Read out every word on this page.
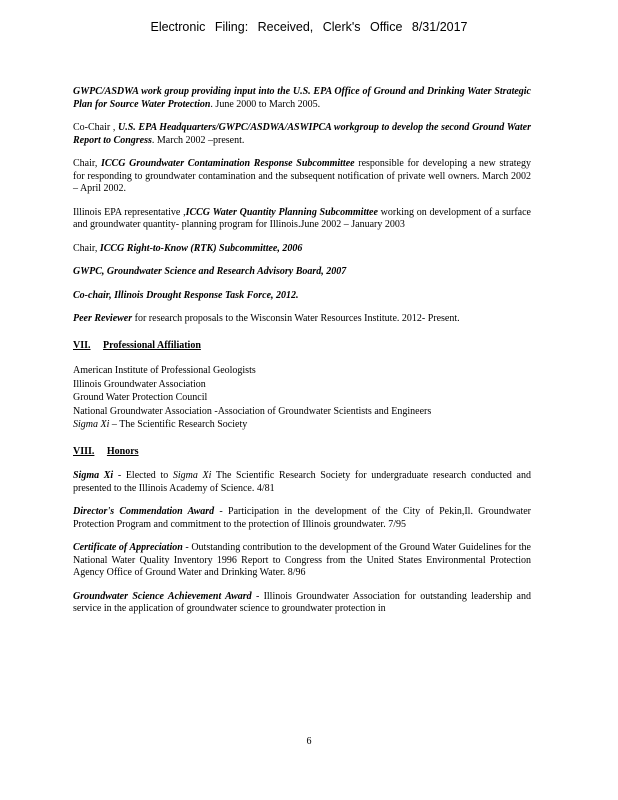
Electronic Filing: Received, Clerk's Office 8/31/2017

GWPC/ASDWA work group providing input into the U.S. EPA Office of Ground and Drinking Water Strategic Plan for Source Water Protection. June 2000 to March 2005.

Co-Chair , U.S. EPA Headquarters/GWPC/ASDWA/ASWIPCA workgroup to develop the second Ground Water Report to Congress. March 2002 –present.

Chair, ICCG Groundwater Contamination Response Subcommittee responsible for developing a new strategy for responding to groundwater contamination and the subsequent notification of private well owners. March 2002 – April 2002.

Illinois EPA representative ,ICCG Water Quantity Planning Subcommittee working on development of a surface and groundwater quantity- planning program for Illinois.June 2002 – January 2003

Chair, ICCG Right-to-Know (RTK) Subcommittee, 2006

GWPC, Groundwater Science and Research Advisory Board, 2007

Co-chair, Illinois Drought Response Task Force, 2012.

Peer Reviewer for research proposals to the Wisconsin Water Resources Institute. 2012- Present.

VII. Professional Affiliation
American Institute of Professional Geologists
Illinois Groundwater Association
Ground Water Protection Council
National Groundwater Association -Association of Groundwater Scientists and Engineers
Sigma Xi – The Scientific Research Society
VIII. Honors

Sigma Xi - Elected to Sigma Xi The Scientific Research Society for undergraduate research conducted and presented to the Illinois Academy of Science. 4/81

Director's Commendation Award - Participation in the development of the City of Pekin,Il. Groundwater Protection Program and commitment to the protection of Illinois groundwater. 7/95

Certificate of Appreciation - Outstanding contribution to the development of the Ground Water Guidelines for the National Water Quality Inventory 1996 Report to Congress from the United States Environmental Protection Agency Office of Ground Water and Drinking Water. 8/96

Groundwater Science Achievement Award - Illinois Groundwater Association for outstanding leadership and service in the application of groundwater science to groundwater protection in

6
